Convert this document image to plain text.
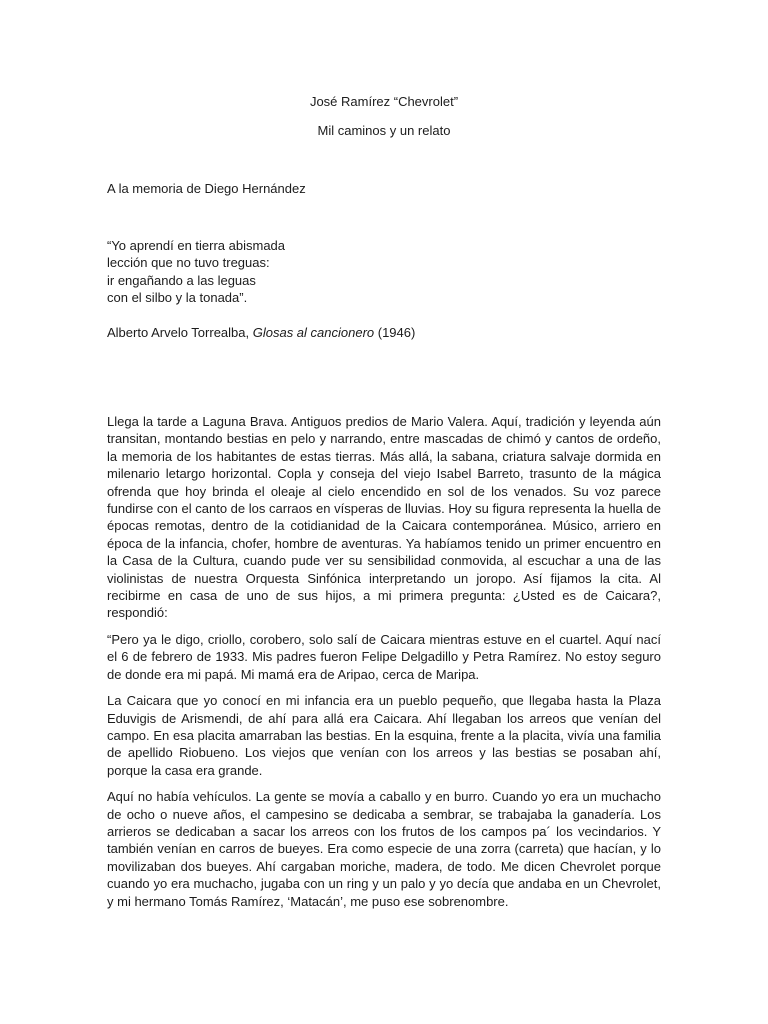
José Ramírez “Chevrolet”
Mil caminos y un relato
A la memoria de Diego Hernández
“Yo aprendí en tierra abismada
lección que no tuvo treguas:
ir engañando a las leguas
con el silbo y la tonada”.
Alberto Arvelo Torrealba, Glosas al cancionero (1946)

Llega la tarde a Laguna Brava. Antiguos predios de Mario Valera. Aquí, tradición y leyenda aún transitan, montando bestias en pelo y narrando, entre mascadas de chimó y cantos de ordeño, la memoria de los habitantes de estas tierras. Más allá, la sabana, criatura salvaje dormida en milenario letargo horizontal. Copla y conseja del viejo Isabel Barreto, trasunto de la mágica ofrenda que hoy brinda el oleaje al cielo encendido en sol de los venados. Su voz parece fundirse con el canto de los carraos en vísperas de lluvias. Hoy su figura representa la huella de épocas remotas, dentro de la cotidianidad de la Caicara contemporánea. Músico, arriero en época de la infancia, chofer, hombre de aventuras. Ya habíamos tenido un primer encuentro en la Casa de la Cultura, cuando pude ver su sensibilidad conmovida, al escuchar a una de las violinistas de nuestra Orquesta Sinfónica interpretando un joropo. Así fijamos la cita. Al recibirme en casa de uno de sus hijos, a mi primera pregunta: ¿Usted es de Caicara?, respondió:

“Pero ya le digo, criollo, corobero, solo salí de Caicara mientras estuve en el cuartel. Aquí nací el 6 de febrero de 1933. Mis padres fueron Felipe Delgadillo y Petra Ramírez. No estoy seguro de donde era mi papá. Mi mamá era de Aripao, cerca de Maripa.

La Caicara que yo conocí en mi infancia era un pueblo pequeño, que llegaba hasta la Plaza Eduvigis de Arismendi, de ahí para allá era Caicara. Ahí llegaban los arreos que venían del campo. En esa placita amarraban las bestias. En la esquina, frente a la placita, vivía una familia de apellido Riobueno. Los viejos que venían con los arreos y las bestias se posaban ahí, porque la casa era grande.

Aquí no había vehículos. La gente se movía a caballo y en burro. Cuando yo era un muchacho de ocho o nueve años, el campesino se dedicaba a sembrar, se trabajaba la ganadería. Los arrieros se dedicaban a sacar los arreos con los frutos de los campos pa´ los vecindarios. Y también venían en carros de bueyes. Era como especie de una zorra (carreta) que hacían, y lo movilizaban dos bueyes. Ahí cargaban moriche, madera, de todo. Me dicen Chevrolet porque cuando yo era muchacho, jugaba con un ring y un palo y yo decía que andaba en un Chevrolet, y mi hermano Tomás Ramírez, ‘Matacán’, me puso ese sobrenombre.
